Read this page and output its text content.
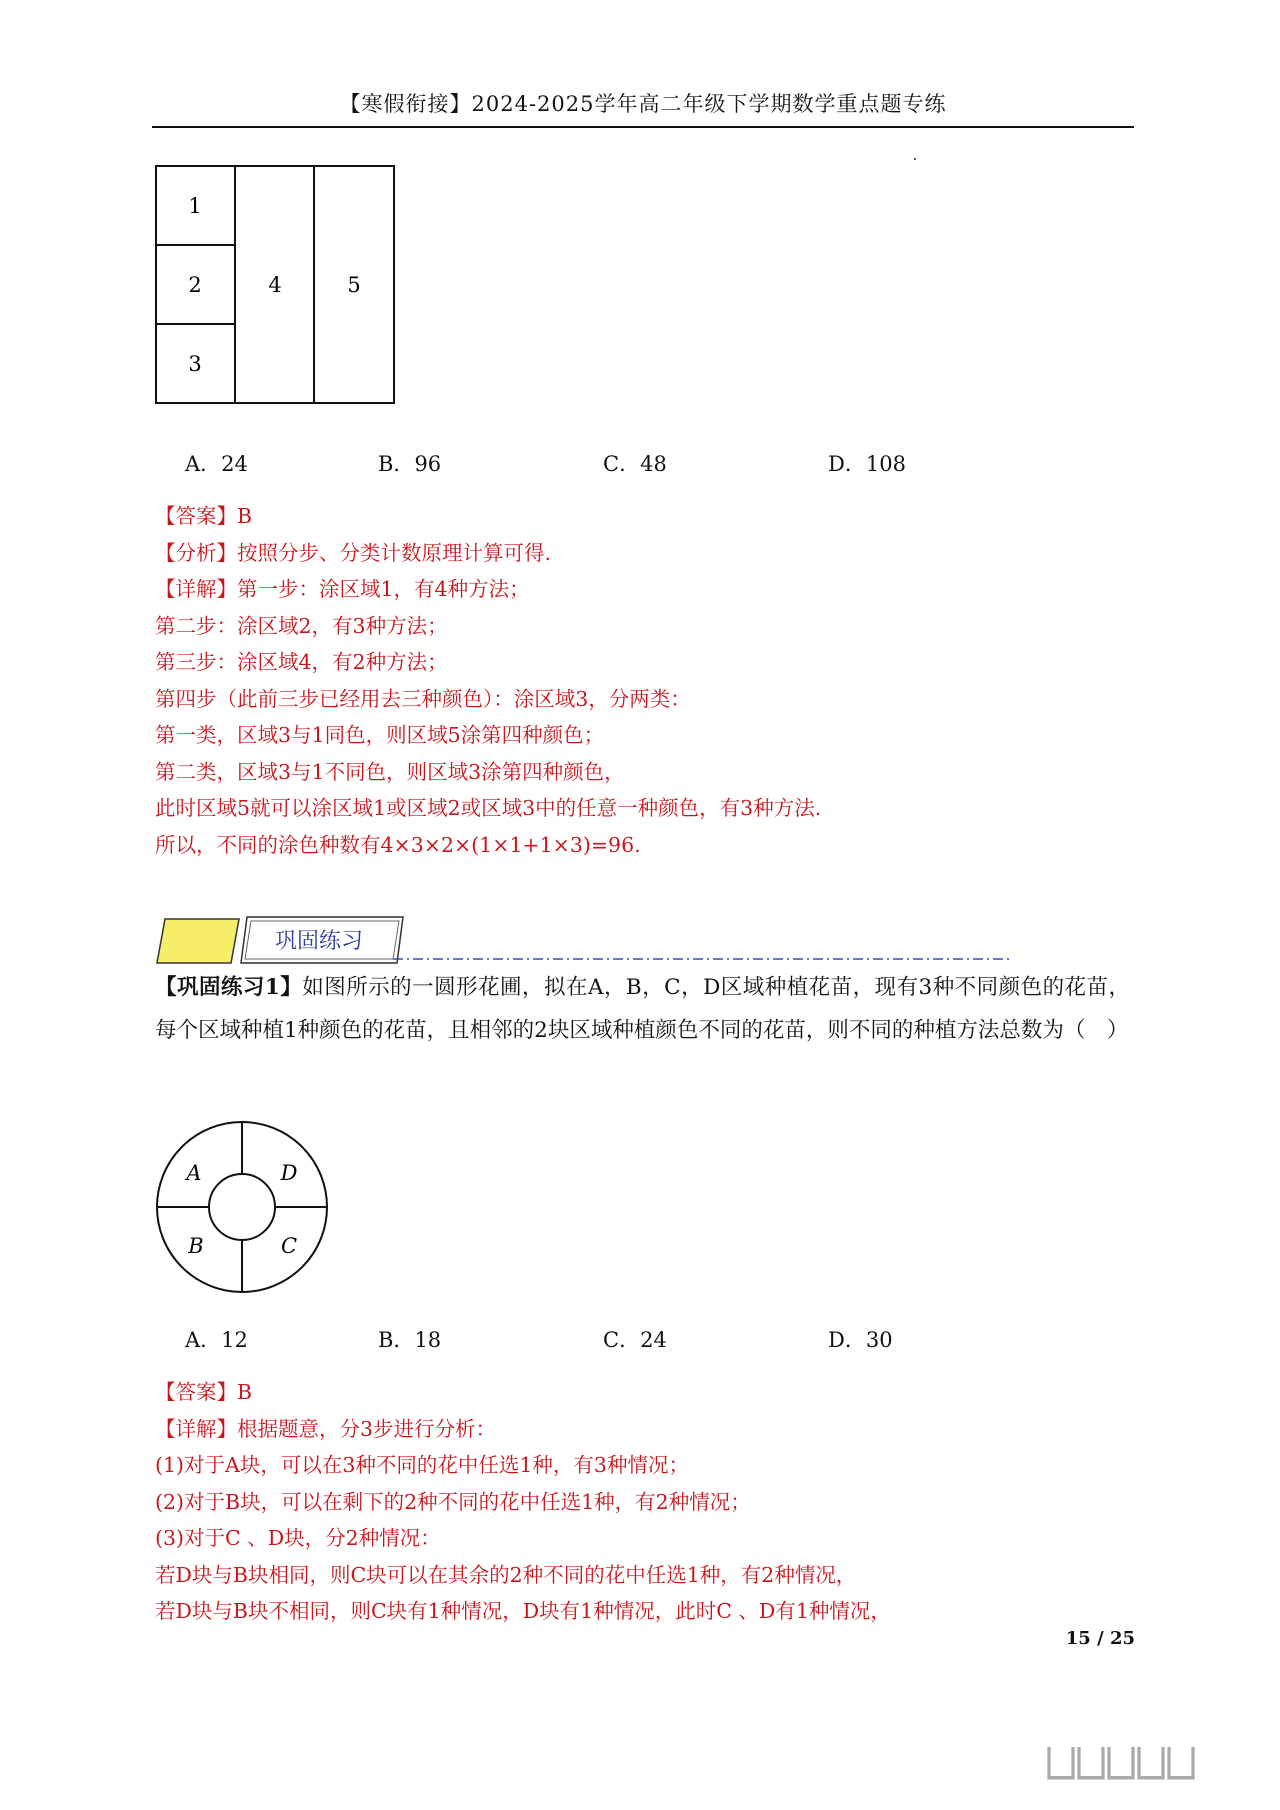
【寒假衔接】2024-2025学年高二年级下学期数学重点题专练
1
2
3
4	5
A．24	B．96	C．48	D．108
【答案】B
【分析】按照分步、分类计数原理计算可得.
【详解】第一步：涂区域1，有4种方法；
第二步：涂区域2，有3种方法；
第三步：涂区域4，有2种方法；
第四步（此前三步已经用去三种颜色）：涂区域3，分两类：
第一类，区域3与1同色，则区域5涂第四种颜色；
第二类，区域3与1不同色，则区域3涂第四种颜色，
此时区域5就可以涂区域1或区域2或区域3中的任意一种颜色，有3种方法.
所以，不同的涂色种数有4×3×2×(1×1+1×3)=96.
巩固练习
【巩固练习1】如图所示的一圆形花圃，拟在A，B，C，D区域种植花苗，现有3种不同颜色的花苗，每个区域种植1种颜色的花苗，且相邻的2块区域种植颜色不同的花苗，则不同的种植方法总数为（　）
A	D
B	C
A．12	B．18	C．24	D．30
【答案】B
【详解】根据题意，分3步进行分析：
(1)对于A块，可以在3种不同的花中任选1种，有3种情况；
(2)对于B块，可以在剩下的2种不同的花中任选1种，有2种情况；
(3)对于C 、D块，分2种情况：
若D块与B块相同，则C块可以在其余的2种不同的花中任选1种，有2种情况，
若D块与B块不相同，则C块有1种情况，D块有1种情况，此时C 、D有1种情况，
15 / 25
⨆⨆⨆⨆⨆
